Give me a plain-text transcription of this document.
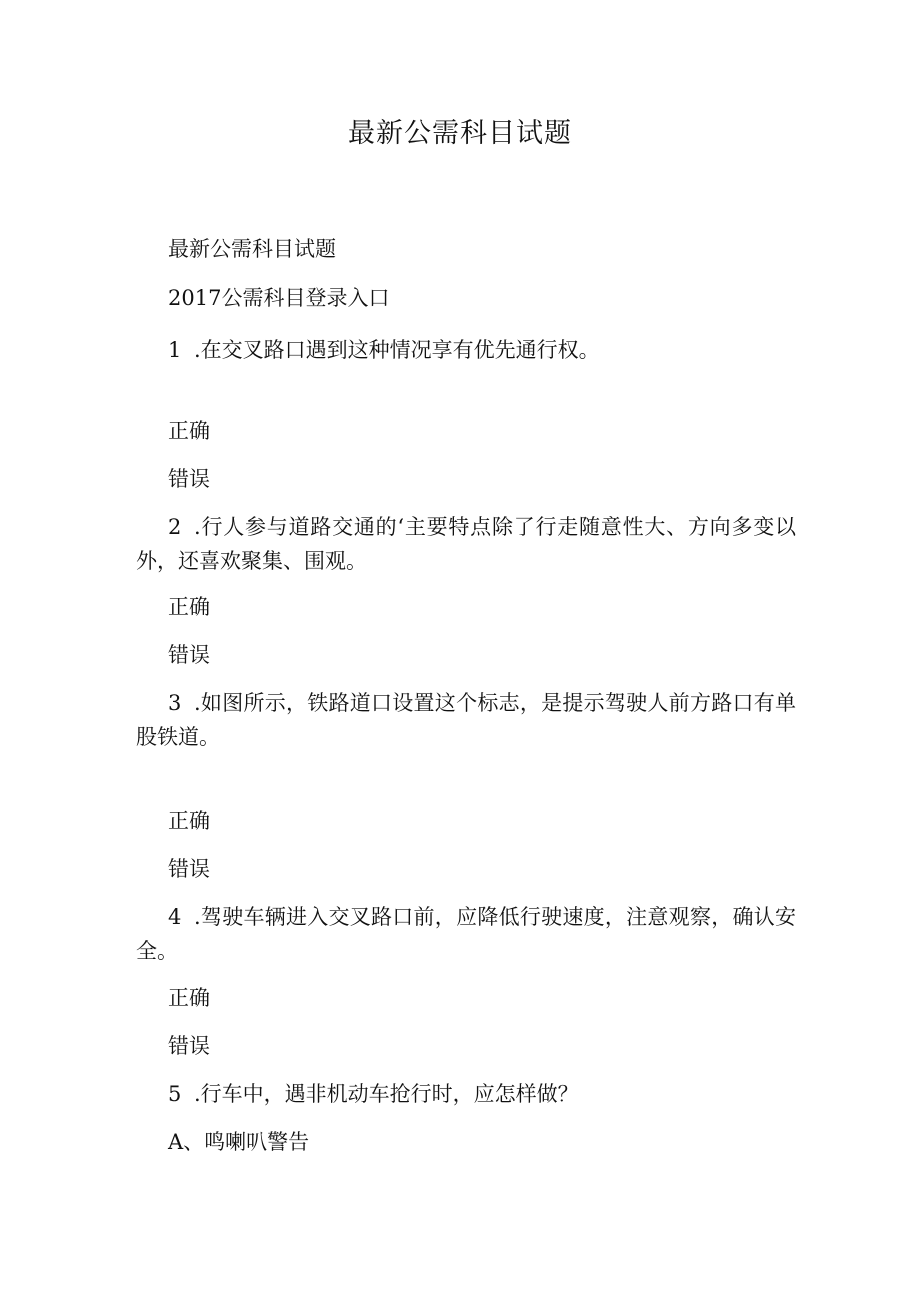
最新公需科目试题
最新公需科目试题
2017公需科目登录入口
1 .在交叉路口遇到这种情况享有优先通行权。
正确
错误
2 .行人参与道路交通的‘主要特点除了行走随意性大、方向多变以外，还喜欢聚集、围观。
正确
错误
3 .如图所示，铁路道口设置这个标志，是提示驾驶人前方路口有单股铁道。
正确
错误
4 .驾驶车辆进入交叉路口前，应降低行驶速度，注意观察，确认安全。
正确
错误
5 .行车中，遇非机动车抢行时，应怎样做？
A、鸣喇叭警告
